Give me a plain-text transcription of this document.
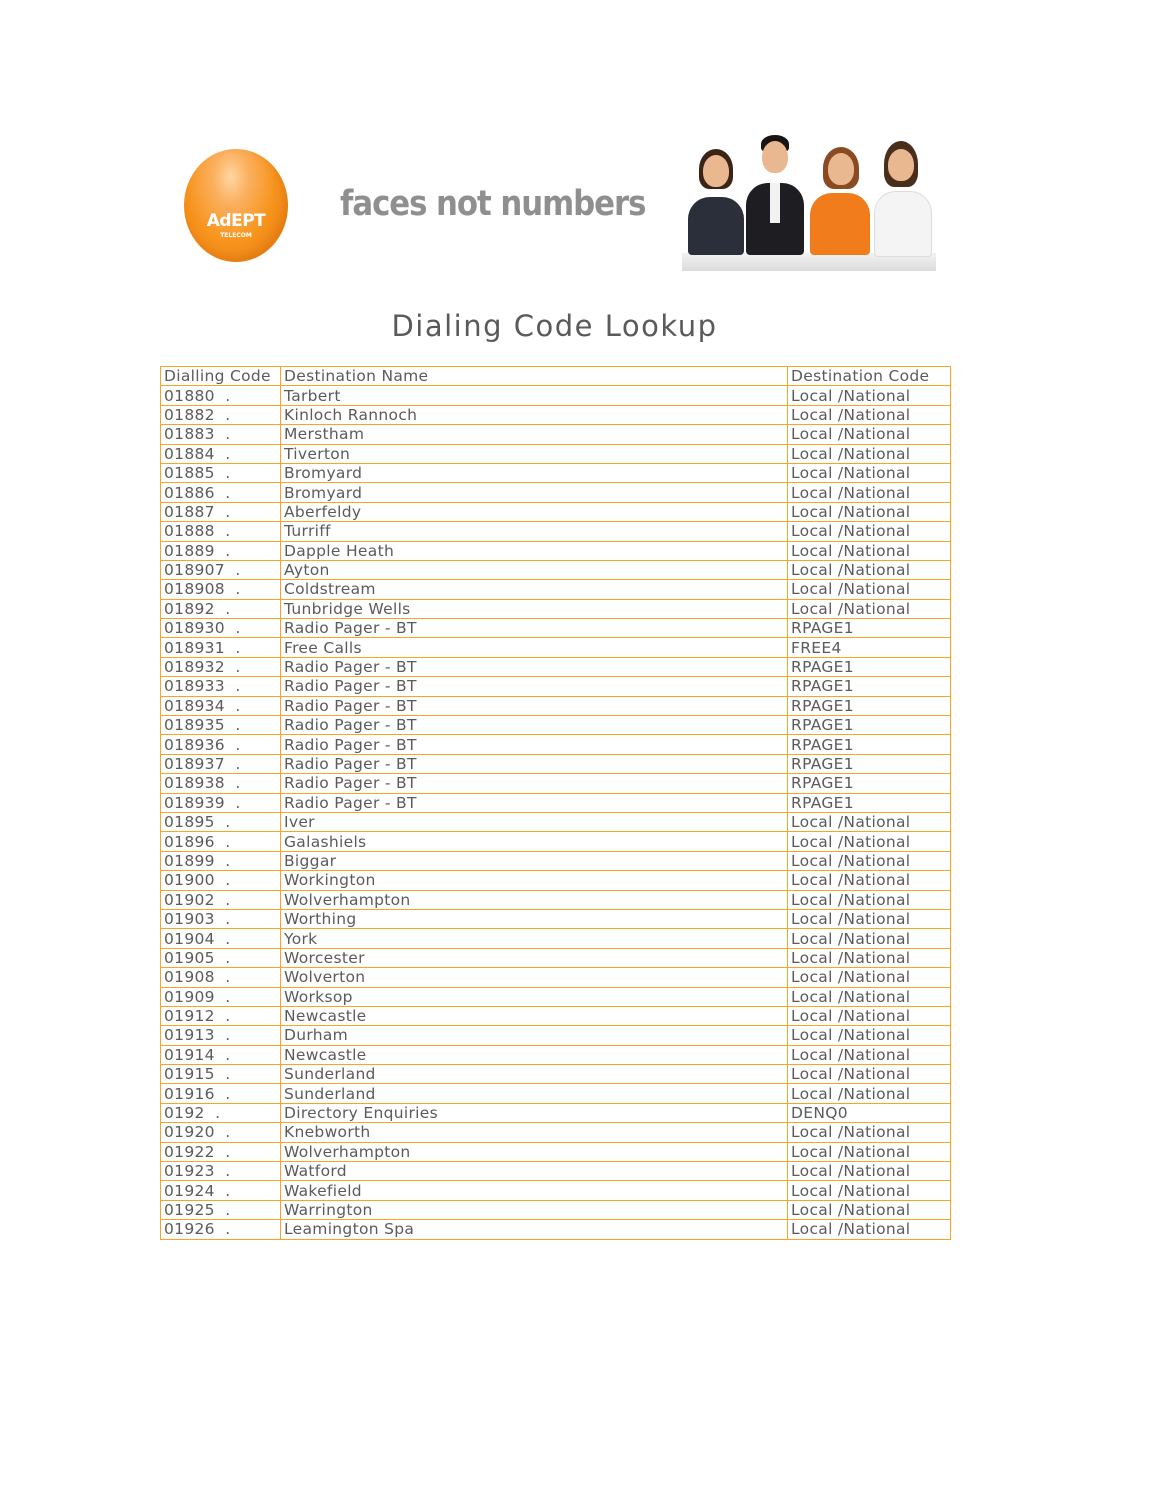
AdEPT
TELECOM
faces not numbers
Dialing Code Lookup
Dialling Code	Destination Name	Destination Code
01880  .	Tarbert	Local /National
01882  .	Kinloch Rannoch	Local /National
01883  .	Merstham	Local /National
01884  .	Tiverton	Local /National
01885  .	Bromyard	Local /National
01886  .	Bromyard	Local /National
01887  .	Aberfeldy	Local /National
01888  .	Turriff	Local /National
01889  .	Dapple Heath	Local /National
018907  .	Ayton	Local /National
018908  .	Coldstream	Local /National
01892  .	Tunbridge Wells	Local /National
018930  .	Radio Pager - BT	RPAGE1
018931  .	Free Calls	FREE4
018932  .	Radio Pager - BT	RPAGE1
018933  .	Radio Pager - BT	RPAGE1
018934  .	Radio Pager - BT	RPAGE1
018935  .	Radio Pager - BT	RPAGE1
018936  .	Radio Pager - BT	RPAGE1
018937  .	Radio Pager - BT	RPAGE1
018938  .	Radio Pager - BT	RPAGE1
018939  .	Radio Pager - BT	RPAGE1
01895  .	Iver	Local /National
01896  .	Galashiels	Local /National
01899  .	Biggar	Local /National
01900  .	Workington	Local /National
01902  .	Wolverhampton	Local /National
01903  .	Worthing	Local /National
01904  .	York	Local /National
01905  .	Worcester	Local /National
01908  .	Wolverton	Local /National
01909  .	Worksop	Local /National
01912  .	Newcastle	Local /National
01913  .	Durham	Local /National
01914  .	Newcastle	Local /National
01915  .	Sunderland	Local /National
01916  .	Sunderland	Local /National
0192  .	Directory Enquiries	DENQ0
01920  .	Knebworth	Local /National
01922  .	Wolverhampton	Local /National
01923  .	Watford	Local /National
01924  .	Wakefield	Local /National
01925  .	Warrington	Local /National
01926  .	Leamington Spa	Local /National
